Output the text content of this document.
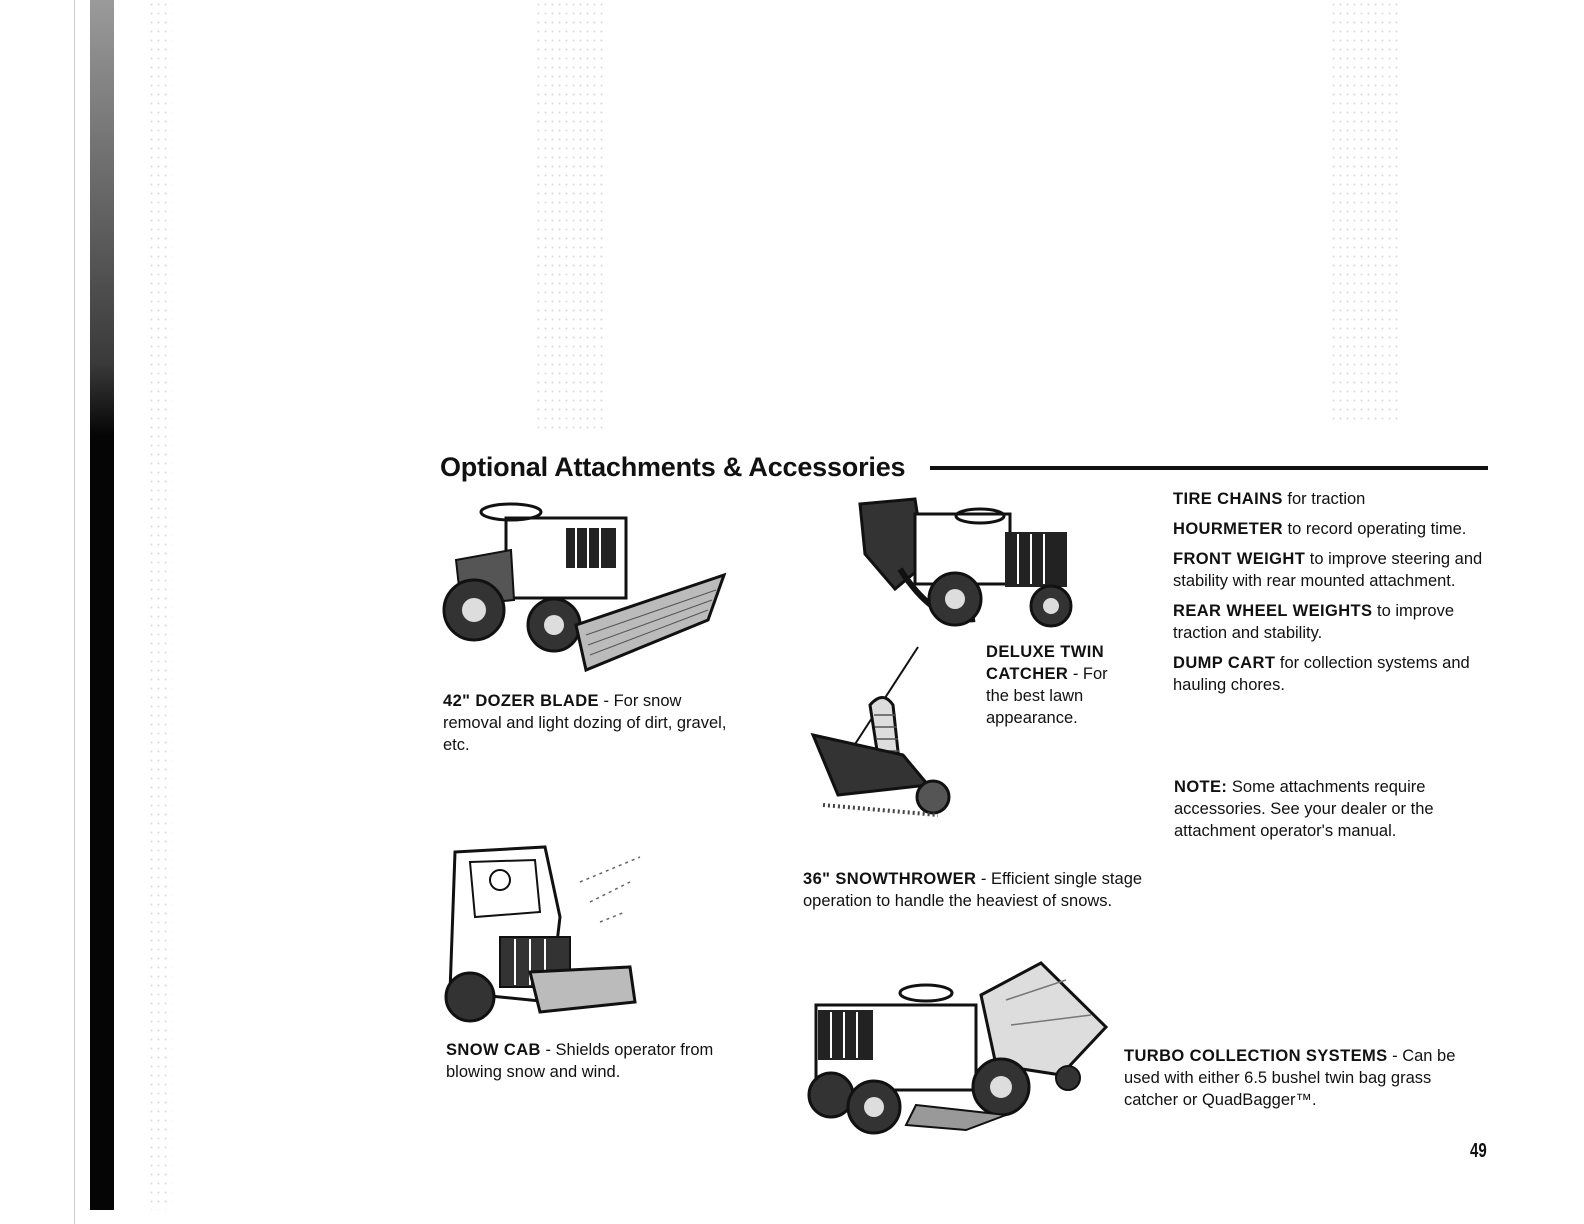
Optional Attachments & Accessories
42" DOZER BLADE - For snow removal and light dozing of dirt, gravel, etc.
DELUXE TWIN CATCHER - For the best lawn appearance.
36" SNOWTHROWER - Efficient single stage operation to handle the heaviest of snows.
SNOW CAB - Shields operator from blowing snow and wind.
TURBO COLLECTION SYSTEMS - Can be used with either 6.5 bushel twin bag grass catcher or QuadBagger™.
TIRE CHAINS for traction
HOURMETER to record operating time.
FRONT WEIGHT to improve steering and stability with rear mounted attachment.
REAR WHEEL WEIGHTS to improve traction and stability.
DUMP CART for collection systems and hauling chores.
NOTE: Some attachments require accessories. See your dealer or the attachment operator's manual.
49
